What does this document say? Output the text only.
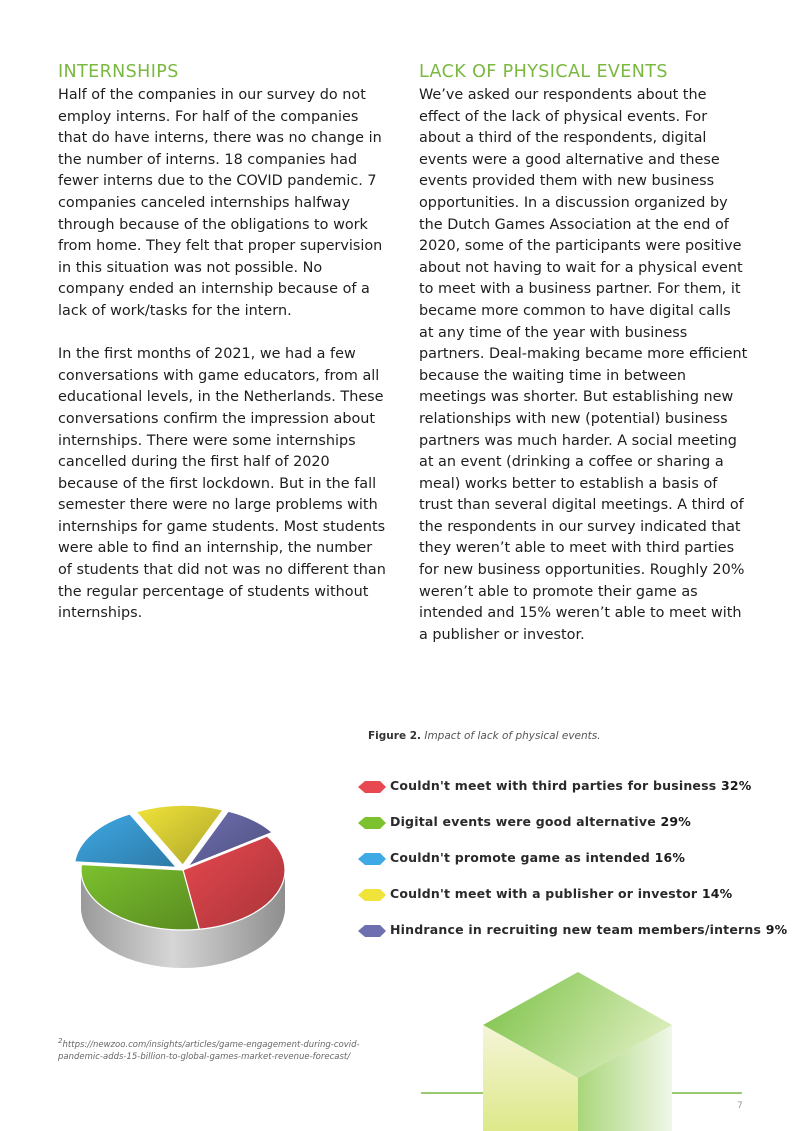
INTERNSHIPS

Half of the companies in our survey do not employ interns. For half of the companies that do have interns, there was no change in the number of interns. 18 companies had fewer interns due to the COVID pandemic. 7 companies canceled internships halfway through because of the obligations to work from home. They felt that proper supervision in this situation was not possible. No company ended an internship because of a lack of work/tasks for the intern.

In the first months of 2021, we had a few conversations with game educators, from all educational levels, in the Netherlands. These conversations confirm the impression about internships. There were some internships cancelled during the first half of 2020 because of the first lockdown. But in the fall semester there were no large problems with internships for game students. Most students were able to find an internship, the number of students that did not was no different than the regular percentage of students without internships.

LACK OF PHYSICAL EVENTS

We’ve asked our respondents about the effect of the lack of physical events. For about a third of the respondents, digital events were a good alternative and these events provided them with new business opportunities. In a discussion organized by the Dutch Games Association at the end of 2020, some of the participants were positive about not having to wait for a physical event to meet with a business partner. For them, it became more common to have digital calls at any time of the year with business partners. Deal-making became more efficient because the waiting time in between meetings was shorter. But establishing new relationships with new (potential) business partners was much harder. A social meeting at an event (drinking a coffee or sharing a meal) works better to establish a basis of trust than several digital meetings. A third of the respondents in our survey indicated that they weren’t able to meet with third parties for new business opportunities. Roughly 20% weren’t able to promote their game as intended and 15% weren’t able to meet with a publisher or investor.

Figure 2. Impact of lack of physical events.
Couldn't meet with third parties for business 32%
Digital events were good alternative 29%
Couldn't promote game as intended 16%
Couldn't meet with a publisher or investor 14%
Hindrance in recruiting new team members/interns 9%
$^2$https://newzoo.com/insights/articles/game-engagement-during-covid-pandemic-adds-15-billion-to-global-games-market-revenue-forecast/
7
